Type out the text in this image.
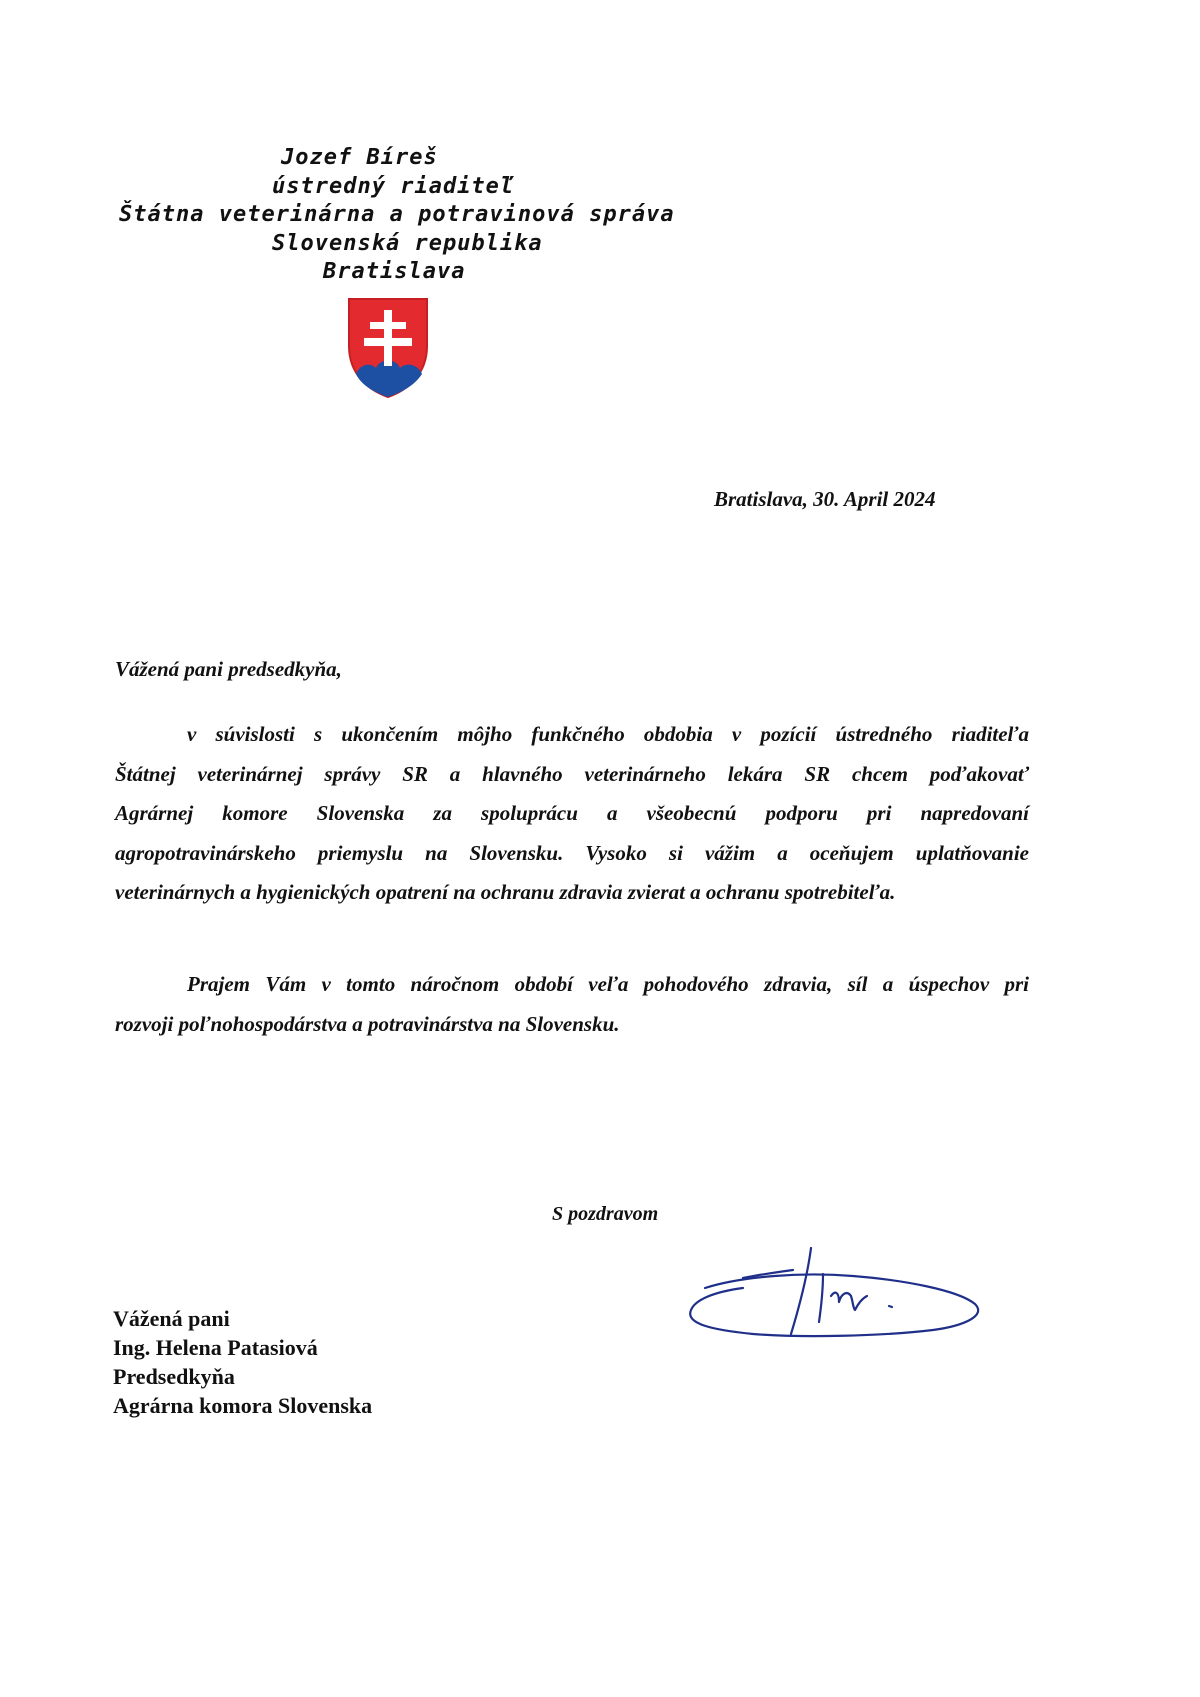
Jozef Bíreš
ústredný riaditeľ
Štátna veterinárna a potravinová správa
Slovenská republika
Bratislava
Bratislava, 30. April 2024
Vážená pani predsedkyňa,
v súvislosti s ukončením môjho funkčného obdobia v pozícií ústredného riaditeľa
Štátnej veterinárnej správy SR a hlavného veterinárneho lekára SR chcem poďakovať
Agrárnej komore Slovenska za spoluprácu a všeobecnú podporu pri napredovaní
agropotravinárskeho priemyslu na Slovensku. Vysoko si vážim a oceňujem uplatňovanie
veterinárnych a hygienických opatrení na ochranu zdravia zvierat a ochranu spotrebiteľa.
Prajem Vám v tomto náročnom období veľa pohodového zdravia, síl a úspechov pri
rozvoji poľnohospodárstva a potravinárstva na Slovensku.
S pozdravom
Vážená pani
Ing. Helena Patasiová
Predsedkyňa
Agrárna komora Slovenska
